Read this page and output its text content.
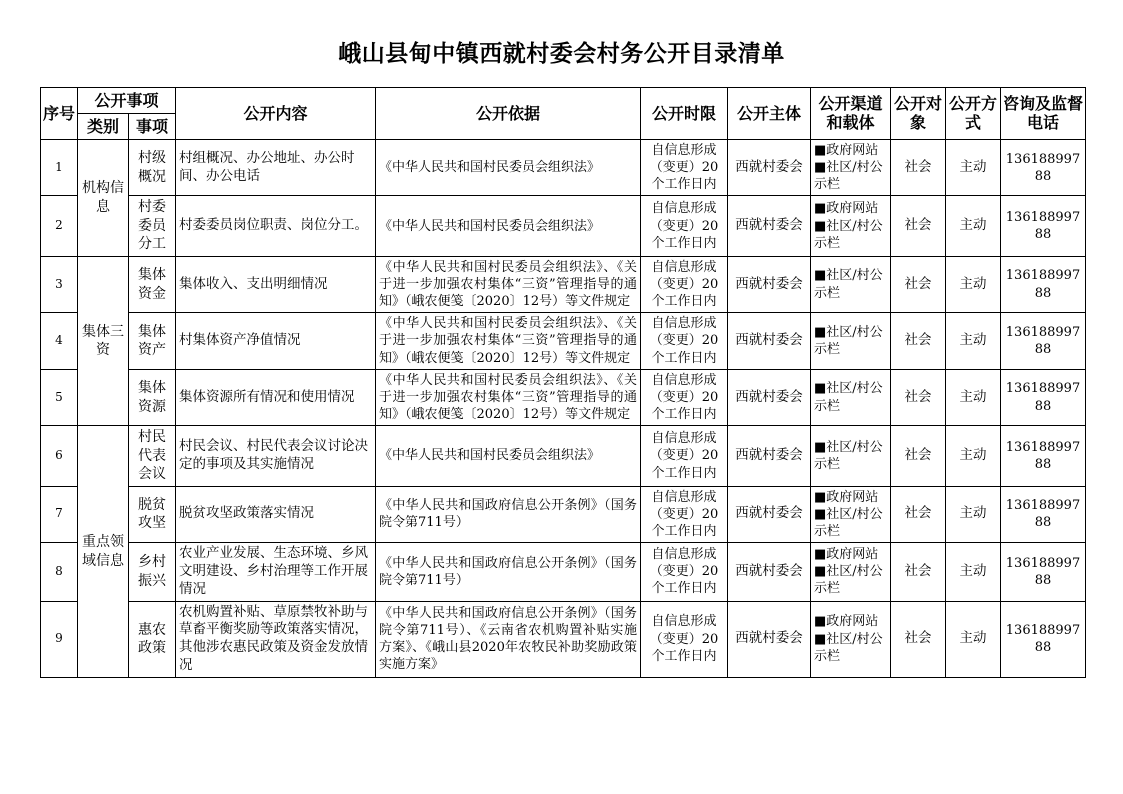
峨山县甸中镇西就村委会村务公开目录清单
序号	公开事项		公开内容	公开依据	公开时限	公开主体	公开渠道和载体	公开对象	公开方式	咨询及监督电话
	类别	事项								
1	机构信息	村级概况	村组概况、办公地址、办公时间、办公电话	《中华人民共和国村民委员会组织法》	自信息形成（变更）20个工作日内	西就村委会	■政府网站
■社区/村公示栏	社会	主动	13618899788
2		村委委员分工	村委委员岗位职责、岗位分工。	《中华人民共和国村民委员会组织法》	自信息形成（变更）20个工作日内	西就村委会	■政府网站
■社区/村公示栏	社会	主动	13618899788
3	集体三资	集体资金	集体收入、支出明细情况	《中华人民共和国村民委员会组织法》、《关于进一步加强农村集体“三资”管理指导的通知》（峨农便笺〔2020〕12号）等文件规定	自信息形成（变更）20个工作日内	西就村委会	■社区/村公示栏	社会	主动	13618899788
4		集体资产	村集体资产净值情况	《中华人民共和国村民委员会组织法》、《关于进一步加强农村集体“三资”管理指导的通知》（峨农便笺〔2020〕12号）等文件规定	自信息形成（变更）20个工作日内	西就村委会	■社区/村公示栏	社会	主动	13618899788
5		集体资源	集体资源所有情况和使用情况	《中华人民共和国村民委员会组织法》、《关于进一步加强农村集体“三资”管理指导的通知》（峨农便笺〔2020〕12号）等文件规定	自信息形成（变更）20个工作日内	西就村委会	■社区/村公示栏	社会	主动	13618899788
6	重点领域信息	村民代表会议	村民会议、村民代表会议讨论决定的事项及其实施情况	《中华人民共和国村民委员会组织法》	自信息形成（变更）20个工作日内	西就村委会	■社区/村公示栏	社会	主动	13618899788
7		脱贫攻坚	脱贫攻坚政策落实情况	《中华人民共和国政府信息公开条例》（国务院令第711号）	自信息形成（变更）20个工作日内	西就村委会	■政府网站
■社区/村公示栏	社会	主动	13618899788
8		乡村振兴	农业产业发展、生态环境、乡风文明建设、乡村治理等工作开展情况	《中华人民共和国政府信息公开条例》（国务院令第711号）	自信息形成（变更）20个工作日内	西就村委会	■政府网站
■社区/村公示栏	社会	主动	13618899788
9		惠农政策	农机购置补贴、草原禁牧补助与草畜平衡奖励等政策落实情况，其他涉农惠民政策及资金发放情况	《中华人民共和国政府信息公开条例》（国务院令第711号）、《云南省农机购置补贴实施方案》、《峨山县2020年农牧民补助奖励政策实施方案》	自信息形成（变更）20个工作日内	西就村委会	■政府网站
■社区/村公示栏	社会	主动	13618899788
